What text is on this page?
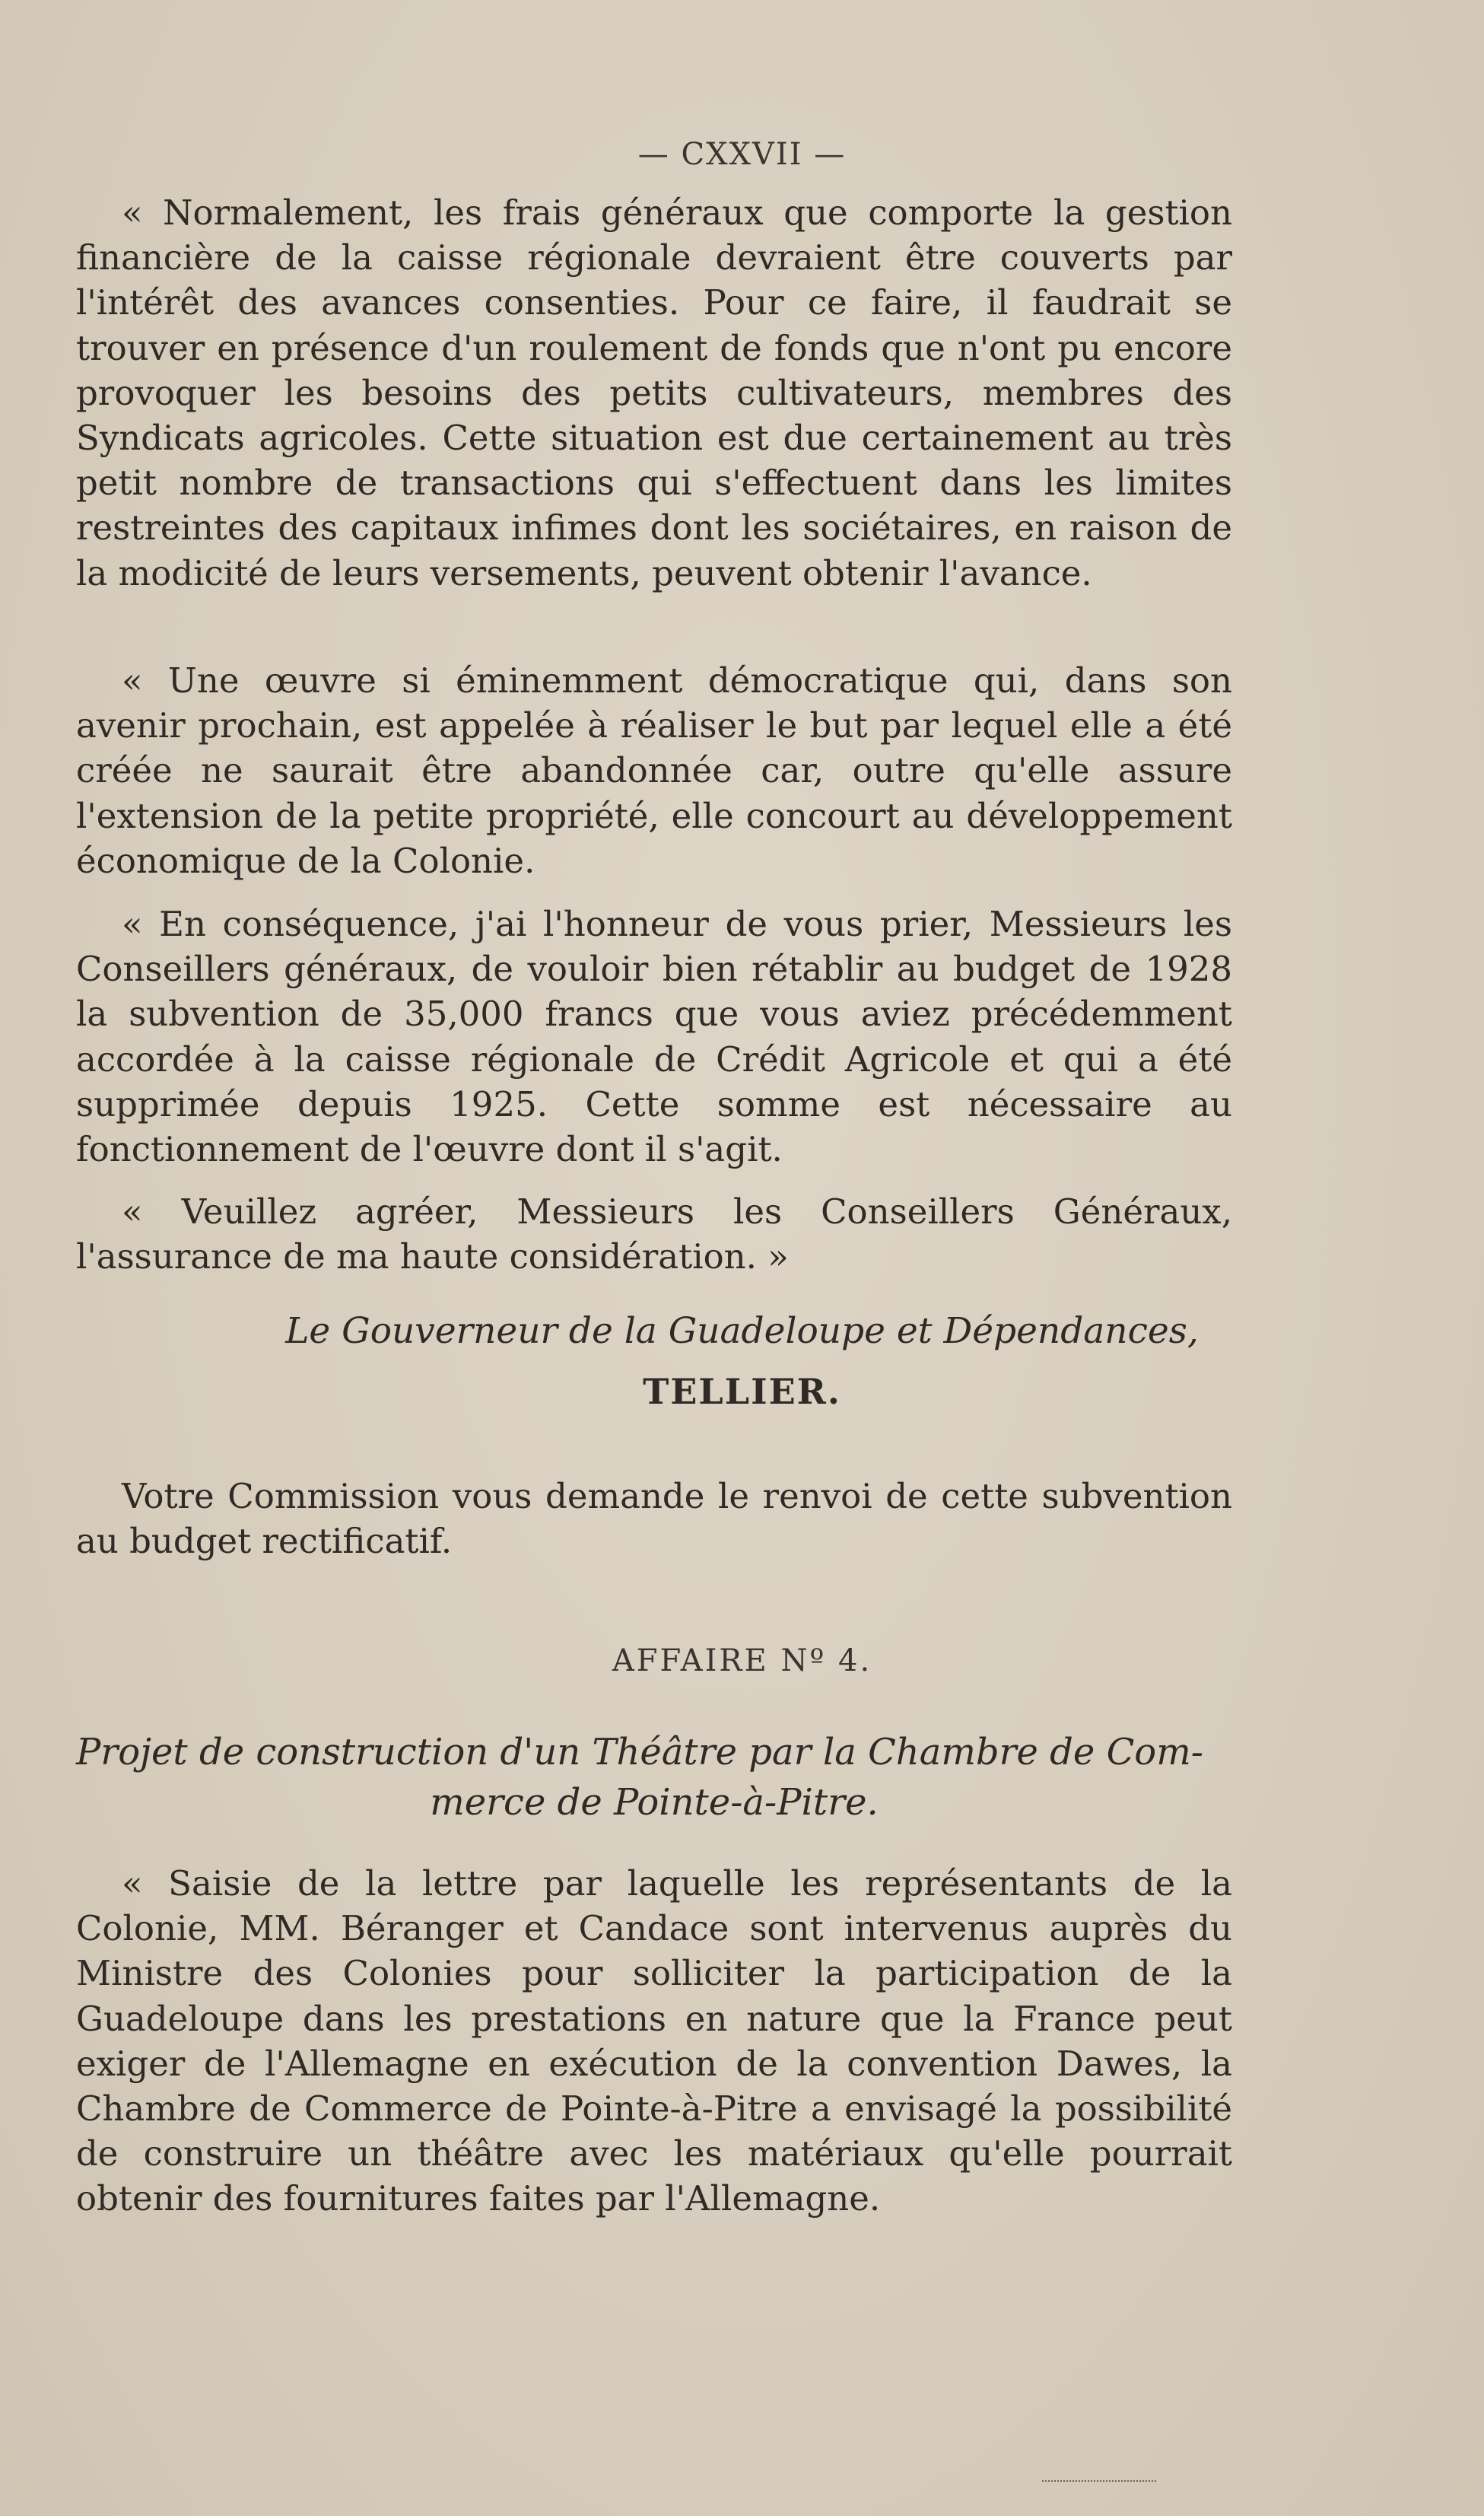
— CXXVII —
« Normalement, les frais généraux que comporte la gestion financière de la caisse régionale devraient être couverts par l'intérêt des avances consenties. Pour ce faire, il faudrait se trouver en présence d'un roulement de fonds que n'ont pu encore provoquer les besoins des petits cultivateurs, membres des Syndicats agricoles. Cette situation est due certainement au très petit nombre de transactions qui s'effectuent dans les limites restreintes des capitaux infimes dont les sociétaires, en raison de la modicité de leurs versements, peuvent obtenir l'avance.
« Une œuvre si éminemment démocratique qui, dans son avenir prochain, est appelée à réaliser le but par lequel elle a été créée ne saurait être abandonnée car, outre qu'elle assure l'extension de la petite propriété, elle concourt au développement économique de la Colonie.
« En conséquence, j'ai l'honneur de vous prier, Messieurs les Conseillers généraux, de vouloir bien rétablir au budget de 1928 la subvention de 35,000 francs que vous aviez précédemment accordée à la caisse régionale de Crédit Agricole et qui a été supprimée depuis 1925. Cette somme est nécessaire au fonctionnement de l'œuvre dont il s'agit.
« Veuillez agréer, Messieurs les Conseillers Généraux, l'assurance de ma haute considération. »
Le Gouverneur de la Guadeloupe et Dépendances,
TELLIER.
Votre Commission vous demande le renvoi de cette subvention au budget rectificatif.
AFFAIRE Nº 4.
Projet de construction d'un Théâtre par la Chambre de Com-
merce de Pointe-à-Pitre.
« Saisie de la lettre par laquelle les représentants de la Colonie, MM. Béranger et Candace sont intervenus auprès du Ministre des Colonies pour solliciter la participation de la Guadeloupe dans les prestations en nature que la France peut exiger de l'Allemagne en exécution de la convention Dawes, la Chambre de Commerce de Pointe-à-Pitre a envisagé la possibilité de construire un théâtre avec les matériaux qu'elle pourrait obtenir des fournitures faites par l'Allemagne.
